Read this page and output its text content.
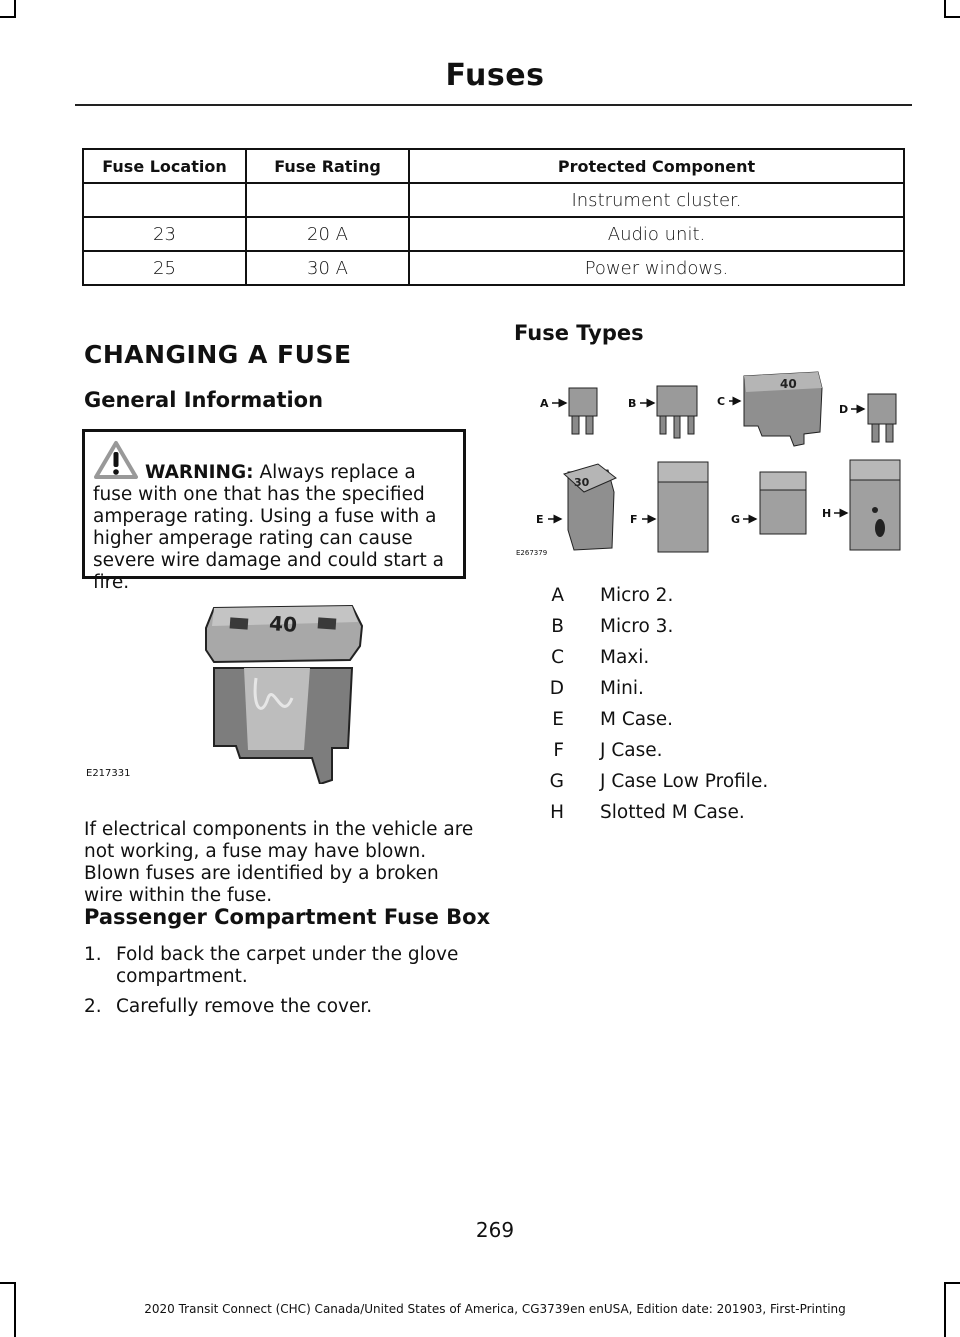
Fuses
Fuse Location	Fuse Rating	Protected Component
		Instrument cluster.
23	20 A	Audio unit.
25	30 A	Power windows.
CHANGING A FUSE
General Information
WARNING: Always replace a fuse with one that has the specified amperage rating. Using a fuse with a higher amperage rating can cause severe wire damage and could start a fire.
40
E217331
If electrical components in the vehicle are not working, a fuse may have blown. Blown fuses are identified by a broken wire within the fuse.
Passenger Compartment Fuse Box
1. Fold back the carpet under the glove compartment.
2. Carefully remove the cover.
Fuse Types
A	B	C
40
D
E
30
F	G	H
E267379
A Micro 2.
B Micro 3.
C Maxi.
D Mini.
E M Case.
F J Case.
G J Case Low Profile.
H Slotted M Case.
269
2020 Transit Connect (CHC) Canada/United States of America, CG3739en enUSA, Edition date: 201903, First-Printing
